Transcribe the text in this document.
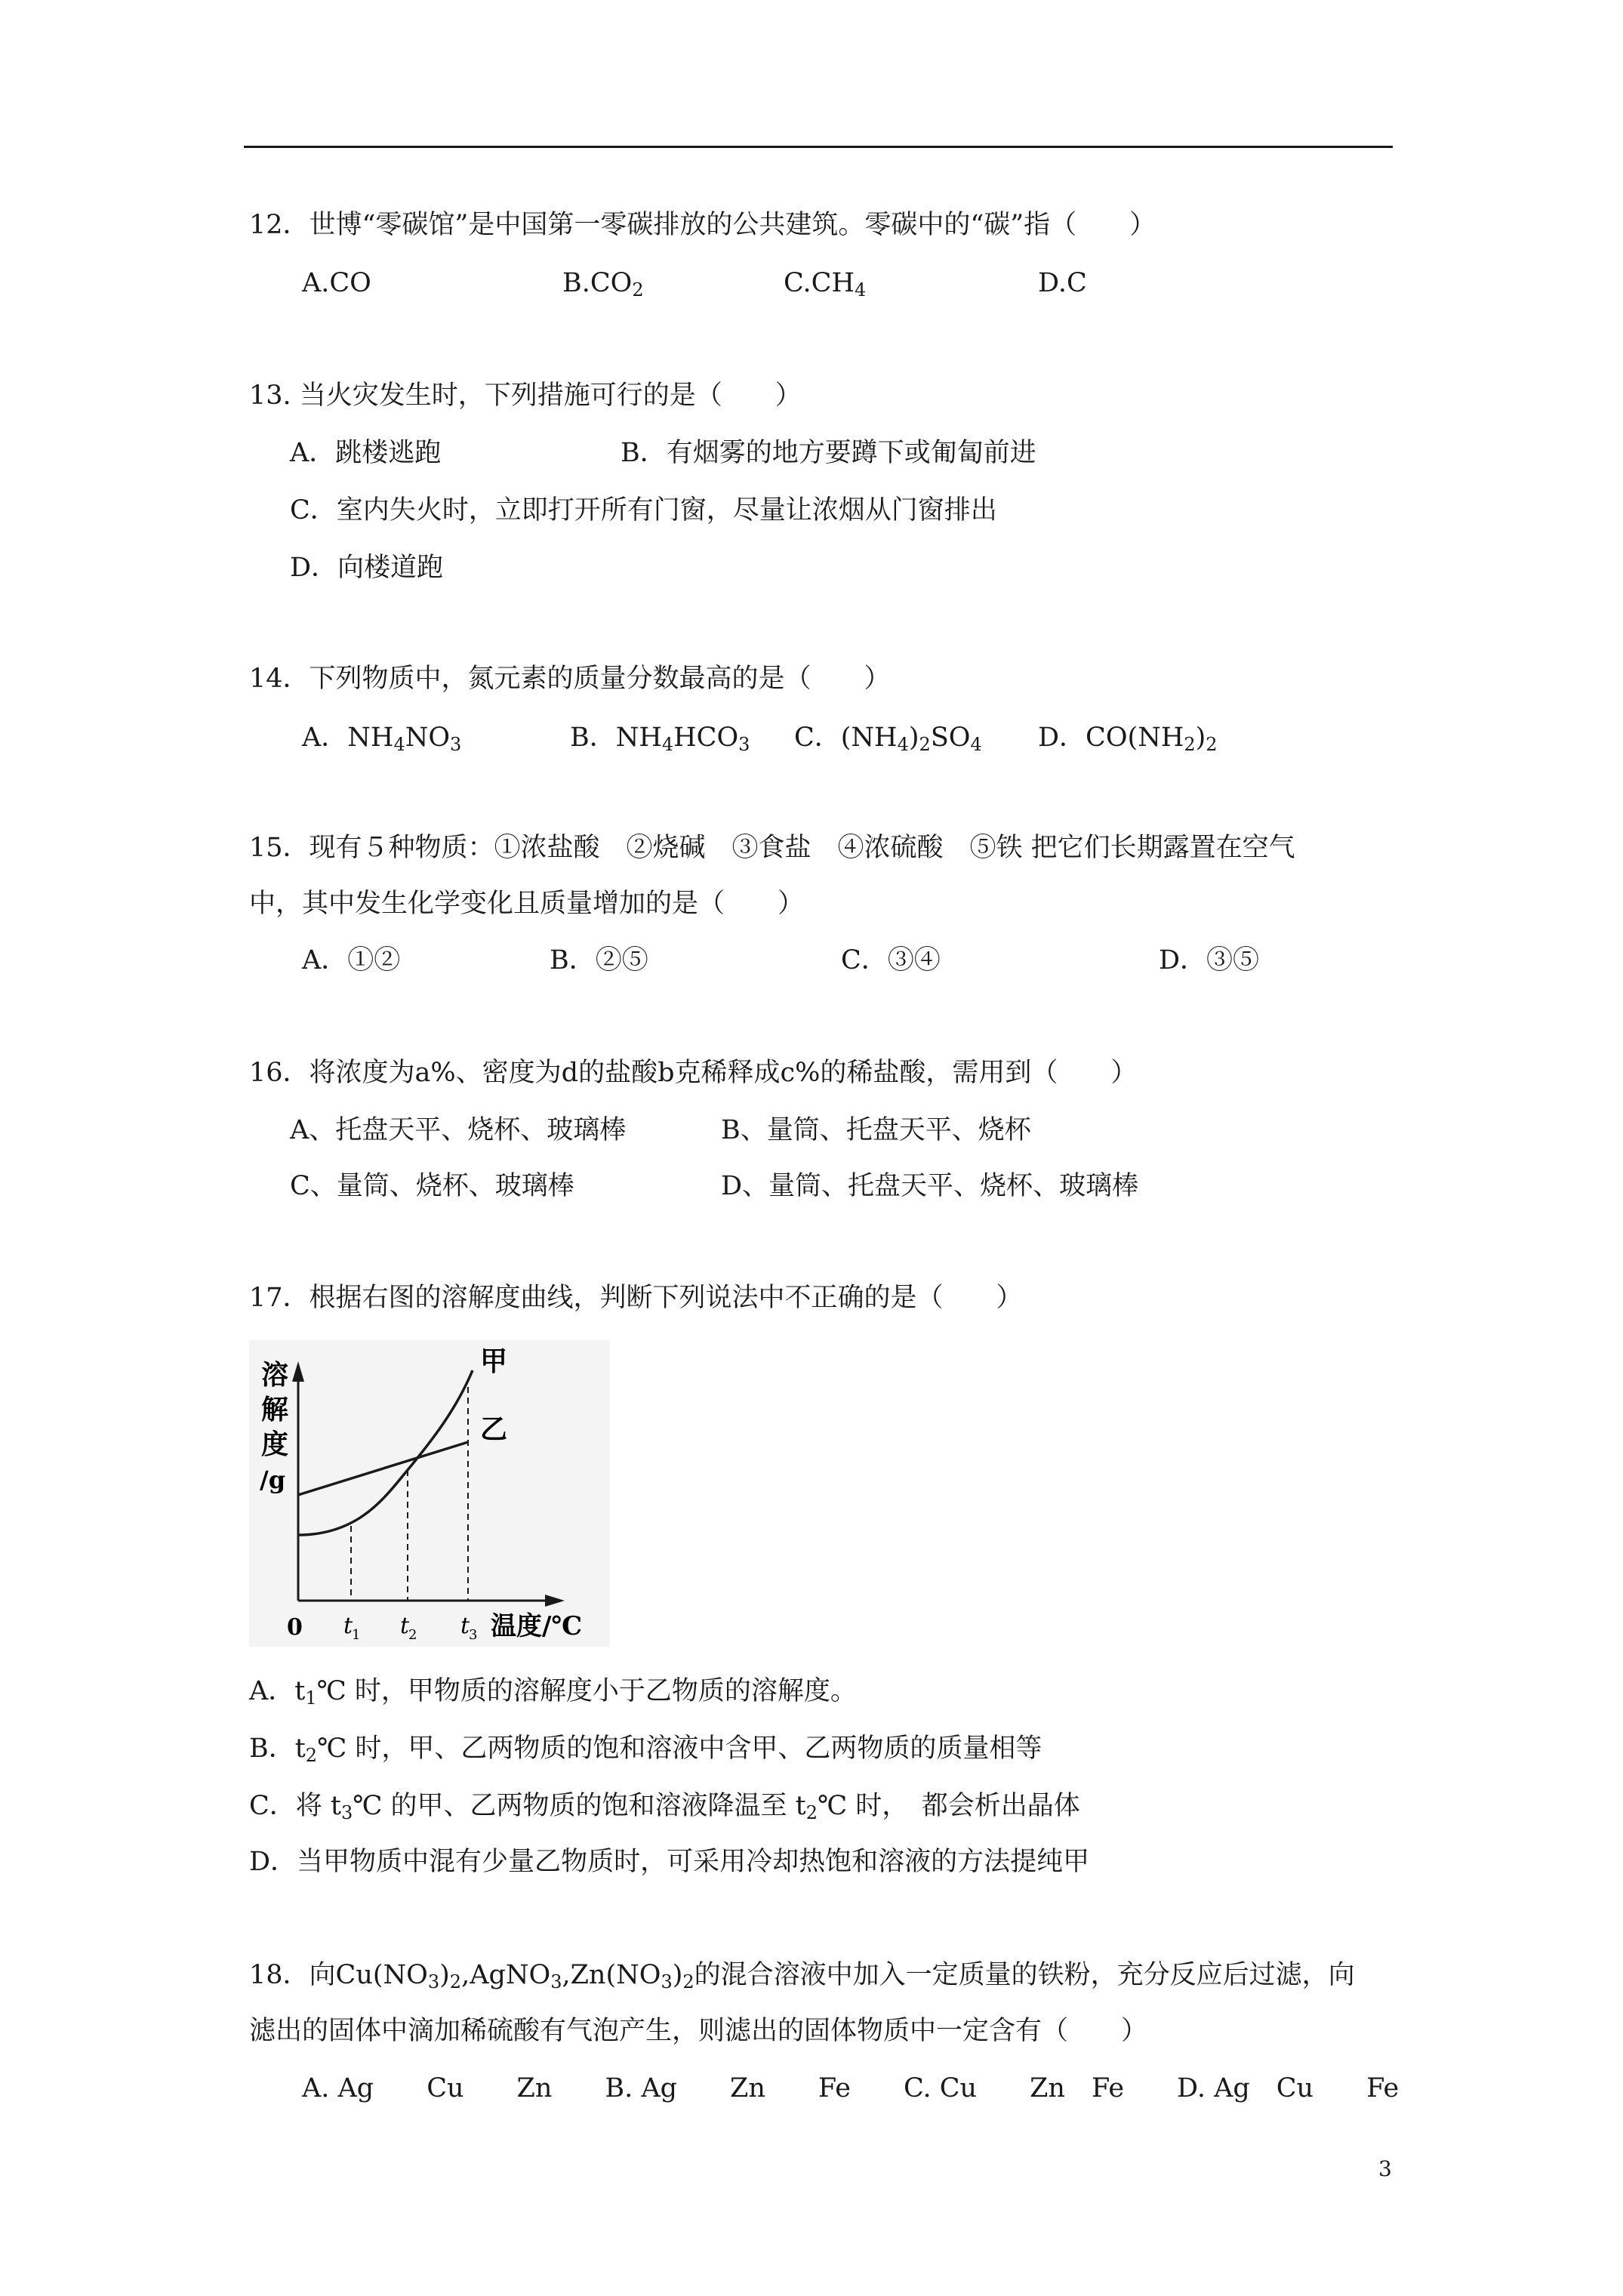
12．世博“零碳馆”是中国第一零碳排放的公共建筑。零碳中的“碳”指（　　）
A.CO	$B.CO_2$	$C.CH_4$	D.C
13. 当火灾发生时，下列措施可行的是（　　）
A．跳楼逃跑	B．有烟雾的地方要蹲下或匍匐前进
C．室内失火时，立即打开所有门窗，尽量让浓烟从门窗排出
D．向楼道跑
14．下列物质中，氮元素的质量分数最高的是（　　）
A．$NH_4NO_3$	B．$NH_4HCO_3$ C．$(NH_4)_2SO_4$ D．$CO(NH_2)_2$
15．现有５种物质：①浓盐酸　②烧碱　③食盐　④浓硫酸　⑤铁 把它们长期露置在空气
中，其中发生化学变化且质量增加的是（　　）
A．①②	B．②⑤	C．③④	D．③⑤
16．将浓度为a%、密度为d的盐酸b克稀释成c%的稀盐酸，需用到（　　）
A、托盘天平、烧杯、玻璃棒	B、量筒、托盘天平、烧杯
C、量筒、烧杯、玻璃棒	D、量筒、托盘天平、烧杯、玻璃棒
17．根据右图的溶解度曲线，判断下列说法中不正确的是（　　）
溶
解
度
/g
甲
乙
0 t
1 t
2 t
3 温度/℃
A．$t_1℃$ 时，甲物质的溶解度小于乙物质的溶解度。
B．$t_2℃$ 时，甲、乙两物质的饱和溶液中含甲、乙两物质的质量相等
C．将 $t_3℃$ 的甲、乙两物质的饱和溶液降温至 $t_2℃$ 时，　都会析出晶体
D．当甲物质中混有少量乙物质时，可采用冷却热饱和溶液的方法提纯甲
18．向$Cu(NO_3)_2,AgNO_3,Zn(NO_3)_2$的混合溶液中加入一定质量的铁粉，充分反应后过滤，向
滤出的固体中滴加稀硫酸有气泡产生，则滤出的固体物质中一定含有（　　）
A. Ag　　Cu　　Zn　　B. Ag　　Zn　　Fe　　C. Cu　　Zn　Fe　　D. Ag　Cu　　Fe
3
